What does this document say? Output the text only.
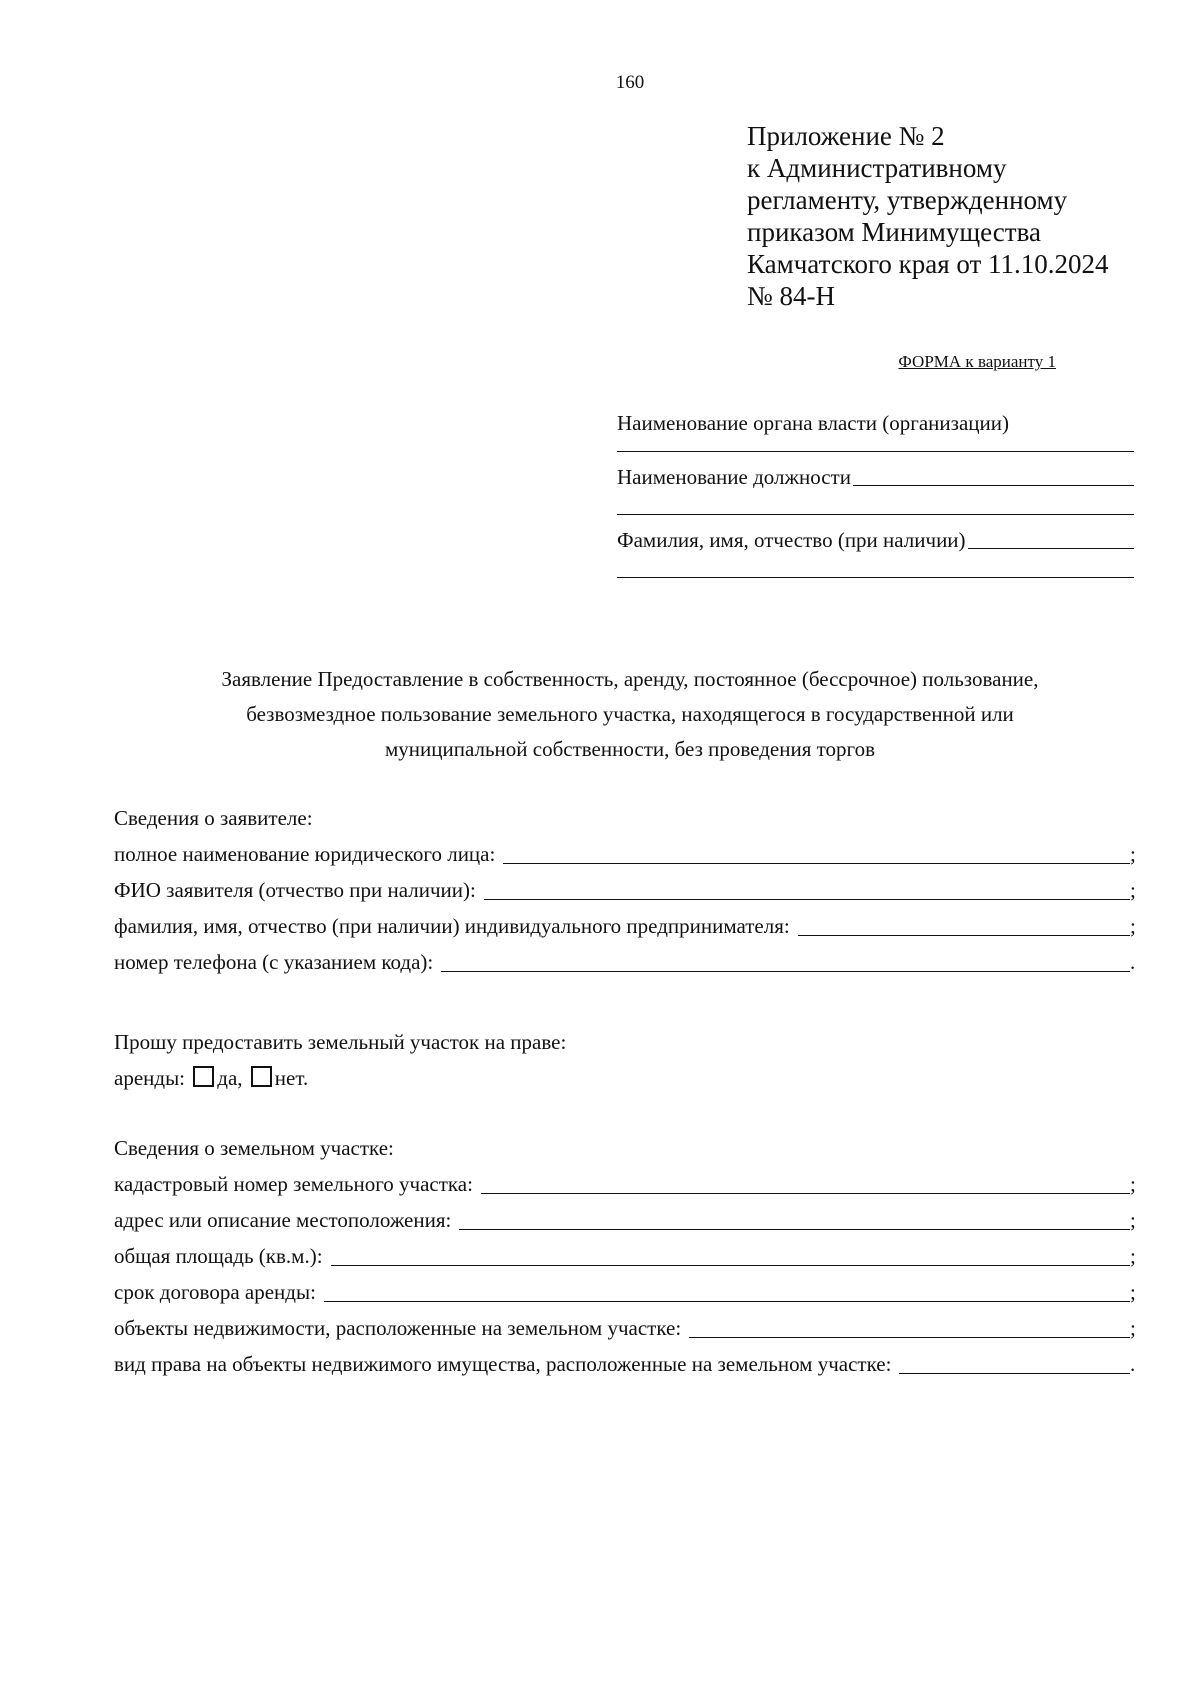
160
Приложение № 2
к Административному
регламенту, утвержденному
приказом Минимущества
Камчатского края от 11.10.2024
№ 84-Н
ФОРМА к варианту 1
Наименование органа власти (организации)
Наименование должности
Фамилия, имя, отчество (при наличии)
Заявление Предоставление в собственность, аренду, постоянное (бессрочное) пользование,
безвозмездное пользование земельного участка, находящегося в государственной или
муниципальной собственности, без проведения торгов
Сведения о заявителе:
полное наименование юридического лица:	;
ФИО заявителя (отчество при наличии):	;
фамилия, имя, отчество (при наличии) индивидуального предпринимателя:	;
номер телефона (с указанием кода):	.
Прошу предоставить земельный участок на праве:
аренды: да, нет.
Сведения о земельном участке:
кадастровый номер земельного участка:	;
адрес или описание местоположения:	;
общая площадь (кв.м.):	;
срок договора аренды:	;
объекты недвижимости, расположенные на земельном участке:	;
вид права на объекты недвижимого имущества, расположенные на земельном участке:	.
